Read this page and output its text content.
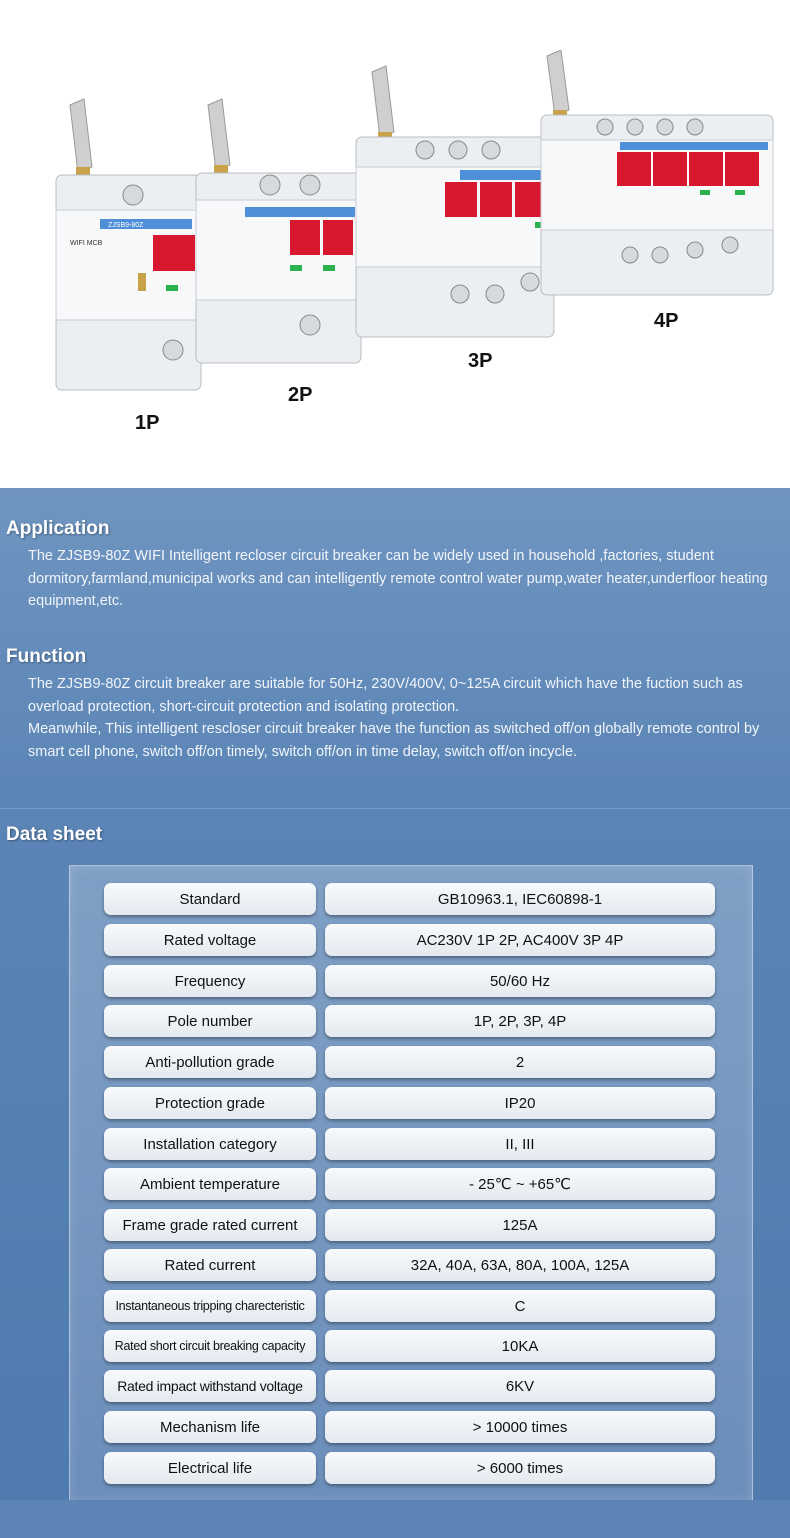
ZJSB9-80Z
WIFI MCB
1P
2P
3P
4P
Application
The ZJSB9-80Z WIFI Intelligent recloser circuit breaker can be widely used in household ,factories, student dormitory,farmland,municipal works and can intelligently remote control water pump,water heater,underfloor heating equipment,etc.
Function
The ZJSB9-80Z circuit breaker are suitable for 50Hz, 230V/400V, 0~125A circuit which have the fuction such as overload protection, short-circuit protection and isolating protection.
Meanwhile, This intelligent rescloser circuit breaker have the function as switched off/on globally remote control by smart cell phone, switch off/on timely, switch off/on in time delay, switch off/on incycle.
Data sheet
Standard	GB10963.1, IEC60898-1
Rated voltage	AC230V 1P 2P, AC400V 3P 4P
Frequency	50/60 Hz
Pole number	1P, 2P, 3P, 4P
Anti-pollution grade	2
Protection grade	IP20
Installation category	II, III
Ambient temperature	- 25℃ ~ +65℃
Frame grade rated current	125A
Rated current	32A, 40A, 63A, 80A, 100A, 125A
Instantaneous tripping charecteristic	C
Rated short circuit breaking capacity	10KA
Rated impact withstand voltage	6KV
Mechanism life	> 10000 times
Electrical life	> 6000 times
